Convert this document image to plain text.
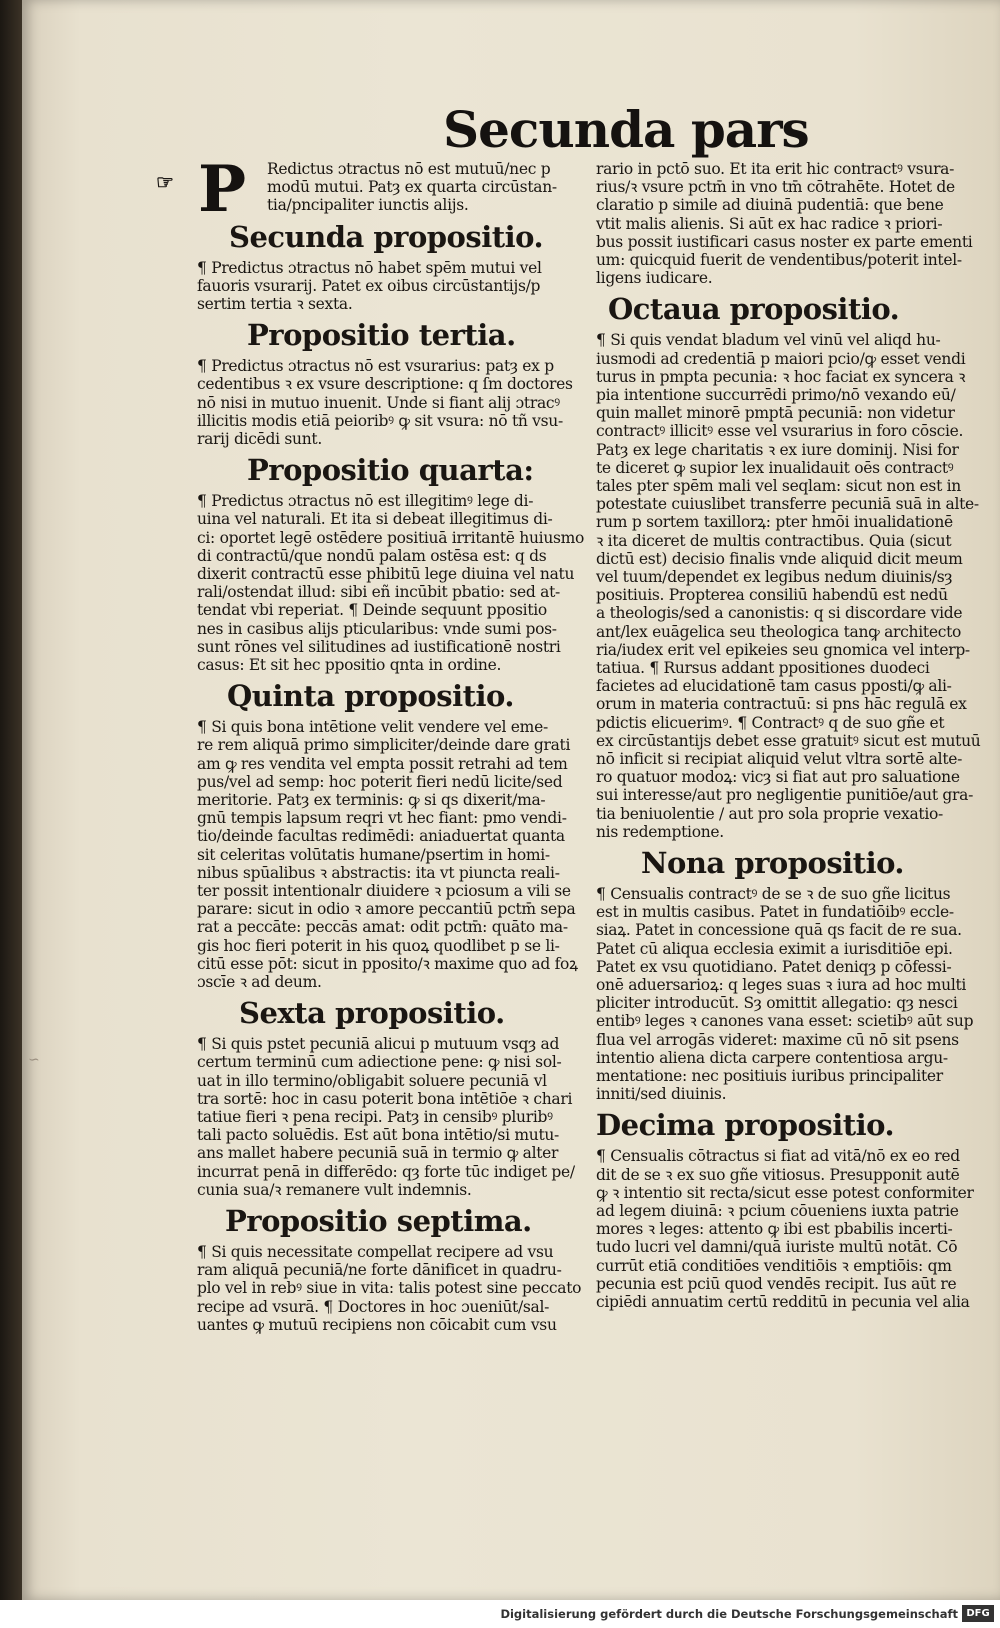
Secunda pars
☞
∽
P Redictus ɔtractus nō est mutuū/nec p
modū mutui. Patȝ ex quarta circūstan-
tia/pncipaliter iunctis alijs.
Secunda propositio.
¶ Predictus ɔtractus nō habet spēm mutui vel
fauoris vsurarij. Patet ex oibus circūstantijs/p
sertim tertia ꝛ sexta.
Propositio tertia.
¶ Predictus ɔtractus nō est vsurarius: patȝ ex p
cedentibus ꝛ ex vsure descriptione: q ſm doctores
nō nisi in mutuo inuenit. Unde si fiant alij ɔtracꝰ
illicitis modis etiā peioribꝰ ꝙ sit vsura: nō tñ vsu-
rarij dicēdi sunt.
Propositio quarta:
¶ Predictus ɔtractus nō est illegitimꝰ lege di-
uina vel naturali. Et ita si debeat illegitimus di-
ci: oportet legē ostēdere positiuā irritantē huiusmo
di contractū/que nondū palam ostēsa est: q ds
dixerit contractū esse phibitū lege diuina vel natu
rali/ostendat illud: sibi eñ incūbit pbatio: sed at-
tendat vbi reperiat. ¶ Deinde sequunt ppositio
nes in casibus alijs pticularibus: vnde sumi pos-
sunt rōnes vel silitudines ad iustificationē nostri
casus: Et sit hec ppositio qnta in ordine.
Quinta propositio.
¶ Si quis bona intētione velit vendere vel eme-
re rem aliquā primo simpliciter/deinde dare grati
am ꝙ res vendita vel empta possit retrahi ad tem
pus/vel ad semp: hoc poterit fieri nedū licite/sed
meritorie. Patȝ ex terminis: ꝙ si qs dixerit/ma-
gnū tempis lapsum reqri vt hec fiant: pmo vendi-
tio/deinde facultas redimēdi: aniaduertat quanta
sit celeritas volūtatis humane/psertim in homi-
nibus spūalibus ꝛ abstractis: ita vt piuncta reali-
ter possit intentionalr diuidere ꝛ pciosum a vili se
parare: sicut in odio ꝛ amore peccantiū pctm̄ sepa
rat a peccāte: peccās amat: odit pctm̄: quāto ma-
gis hoc fieri poterit in his quoꝝ quodlibet p se li-
citū esse pōt: sicut in pposito/ꝛ maxime quo ad foꝝ
ɔscīe ꝛ ad deum.
Sexta propositio.
¶ Si quis pstet pecuniā alicui p mutuum vsqȝ ad
certum terminū cum adiectione pene: ꝙ nisi sol-
uat in illo termino/obligabit soluere pecuniā vl
tra sortē: hoc in casu poterit bona intētiōe ꝛ chari
tatiue fieri ꝛ pena recipi. Patȝ in censibꝰ pluribꝰ
tali pacto soluēdis. Est aūt bona intētio/si mutu-
ans mallet habere pecuniā suā in termio ꝙ alter
incurrat penā in differēdo: qȝ forte tūc indiget pe/
cunia sua/ꝛ remanere vult indemnis.
Propositio septima.
¶ Si quis necessitate compellat recipere ad vsu
ram aliquā pecuniā/ne forte dānificet in quadru-
plo vel in rebꝰ siue in vita: talis potest sine peccato
recipe ad vsurā. ¶ Doctores in hoc ɔueniūt/sal-
uantes ꝙ mutuū recipiens non cōicabit cum vsu
rario in pctō suo. Et ita erit hic contractꝰ vsura-
rius/ꝛ vsure pctm̄ in vno tm̄ cōtrahēte. Hotet de
claratio p simile ad diuinā pudentiā: que bene
vtit malis alienis. Si aūt ex hac radice ꝛ priori-
bus possit iustificari casus noster ex parte ementi
um: quicquid fuerit de vendentibus/poterit intel-
ligens iudicare.
Octaua propositio.
¶ Si quis vendat bladum vel vinū vel aliqd hu-
iusmodi ad credentiā p maiori pcio/ꝙ esset vendi
turus in pmpta pecunia: ꝛ hoc faciat ex syncera ꝛ
pia intentione succurrēdi primo/nō vexando eū/
quin mallet minorē pmptā pecuniā: non videtur
contractꝰ illicitꝰ esse vel vsurarius in foro cōscie.
Patȝ ex lege charitatis ꝛ ex iure dominij. Nisi for
te diceret ꝙ supior lex inualidauit oēs contractꝰ
tales pter spēm mali vel seqlam: sicut non est in
potestate cuiuslibet transferre pecuniā suā in alte-
rum p sortem taxillorꝝ: pter hmōi inualidationē
ꝛ ita diceret de multis contractibus. Quia (sicut
dictū est) decisio finalis vnde aliquid dicit meum
vel tuum/dependet ex legibus nedum diuinis/sȝ
positiuis. Propterea consiliū habendū est nedū
a theologis/sed a canonistis: q si discordare vide
ant/lex euāgelica seu theologica tanꝙ architecto
ria/iudex erit vel epikeies seu gnomica vel interp-
tatiua. ¶ Rursus addant ppositiones duodeci
facietes ad elucidationē tam casus pposti/ꝙ ali-
orum in materia contractuū: si pns hāc regulā ex
pdictis elicuerimꝰ. ¶ Contractꝰ q de suo gñe et
ex circūstantijs debet esse gratuitꝰ sicut est mutuū
nō inficit si recipiat aliquid velut vltra sortē alte-
ro quatuor modoꝝ: vicȝ si fiat aut pro saluatione
sui interesse/aut pro negligentie punitiōe/aut gra-
tia beniuolentie / aut pro sola proprie vexatio-
nis redemptione.
Nona propositio.
¶ Censualis contractꝰ de se ꝛ de suo gñe licitus
est in multis casibus. Patet in fundatiōibꝰ eccle-
siaꝝ. Patet in concessione quā qs facit de re sua.
Patet cū aliqua ecclesia eximit a iurisditiōe epi.
Patet ex vsu quotidiano. Patet deniqȝ p cōfessi-
onē aduersarioꝝ: q leges suas ꝛ iura ad hoc multi
pliciter introducūt. Sȝ omittit allegatio: qȝ nesci
entibꝰ leges ꝛ canones vana esset: scietibꝰ aūt sup
flua vel arrogās videret: maxime cū nō sit psens
intentio aliena dicta carpere contentiosa argu-
mentatione: nec positiuis iuribus principaliter
inniti/sed diuinis.
Decima propositio.
¶ Censualis cōtractus si fiat ad vitā/nō ex eo red
dit de se ꝛ ex suo gñe vitiosus. Presupponit autē
ꝙ ꝛ intentio sit recta/sicut esse potest conformiter
ad legem diuinā: ꝛ pcium cōueniens iuxta patrie
mores ꝛ leges: attento ꝙ ibi est pbabilis incerti-
tudo lucri vel damni/quā iuriste multū notāt. Cō
currūt etiā conditiōes venditiōis ꝛ emptiōis: qm
pecunia est pciū quod vendēs recipit. Ius aūt re
cipiēdi annuatim certū redditū in pecunia vel alia
Digitalisierung gefördert durch die Deutsche Forschungsgemeinschaft DFG
